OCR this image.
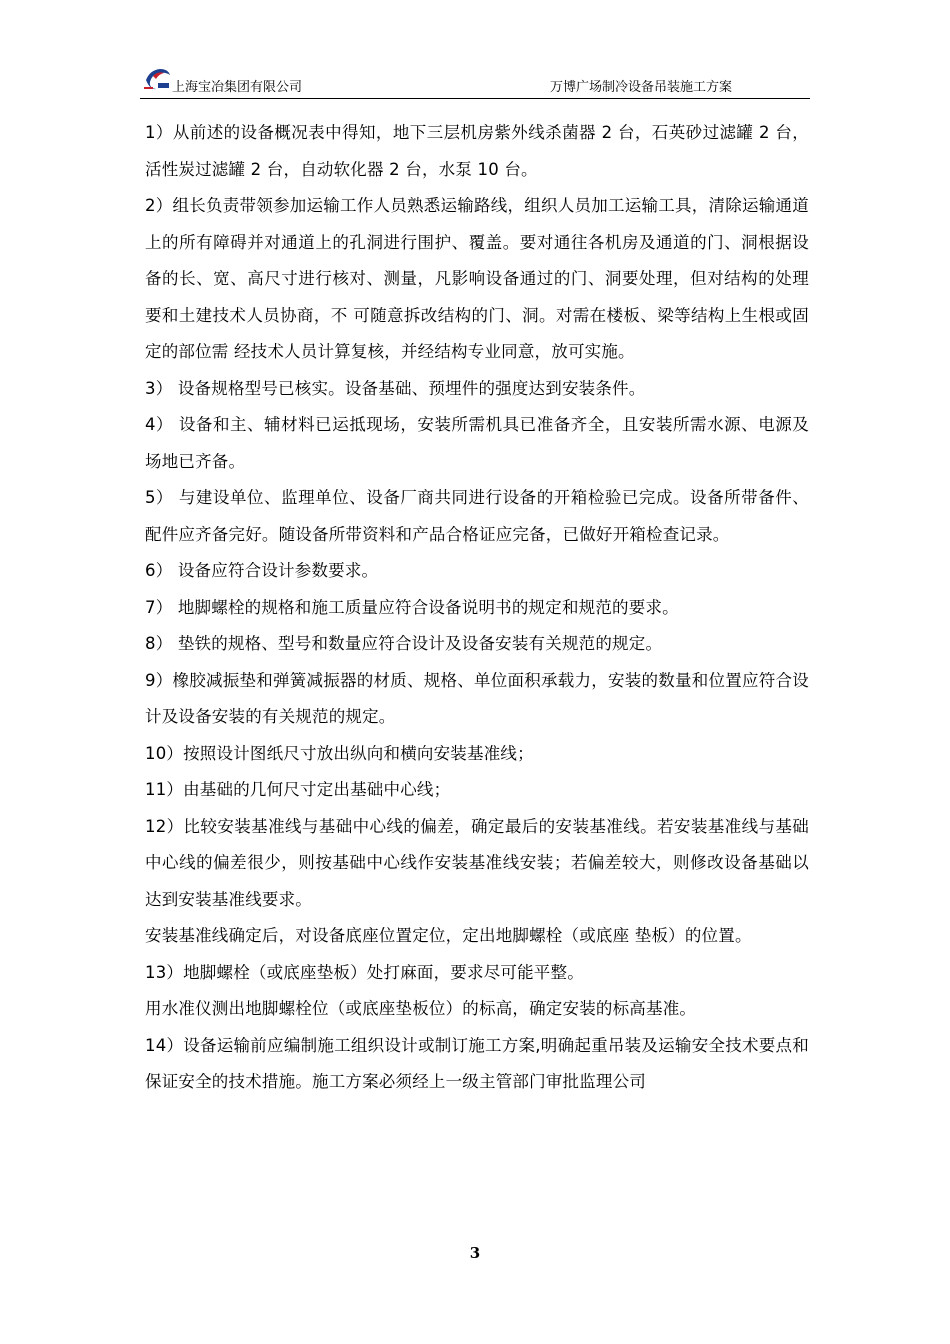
上海宝冶集团有限公司	万博广场制冷设备吊装施工方案

1）从前述的设备概况表中得知，地下三层机房紫外线杀菌器 2 台，石英砂过滤罐 2 台，活性炭过滤罐 2 台，自动软化器 2 台，水泵 10 台。

2）组长负责带领参加运输工作人员熟悉运输路线，组织人员加工运输工具，清除运输通道上的所有障碍并对通道上的孔洞进行围护、覆盖。要对通往各机房及通道的门、洞根据设备的长、宽、高尺寸进行核对、测量，凡影响设备通过的门、洞要处理，但对结构的处理要和土建技术人员协商，不 可随意拆改结构的门、洞。对需在楼板、梁等结构上生根或固定的部位需 经技术人员计算复核，并经结构专业同意，放可实施。

3） 设备规格型号已核实。设备基础、预埋件的强度达到安装条件。

4） 设备和主、辅材料已运抵现场，安装所需机具已准备齐全，且安装所需水源、电源及场地已齐备。

5） 与建设单位、监理单位、设备厂商共同进行设备的开箱检验已完成。设备所带备件、配件应齐备完好。随设备所带资料和产品合格证应完备，已做好开箱检查记录。

6） 设备应符合设计参数要求。

7） 地脚螺栓的规格和施工质量应符合设备说明书的规定和规范的要求。

8） 垫铁的规格、型号和数量应符合设计及设备安装有关规范的规定。

9）橡胶减振垫和弹簧减振器的材质、规格、单位面积承载力，安装的数量和位置应符合设计及设备安装的有关规范的规定。

10）按照设计图纸尺寸放出纵向和横向安装基准线；

11）由基础的几何尺寸定出基础中心线；

12）比较安装基准线与基础中心线的偏差，确定最后的安装基准线。若安装基准线与基础中心线的偏差很少，则按基础中心线作安装基准线安装；若偏差较大，则修改设备基础以达到安装基准线要求。

安装基准线确定后，对设备底座位置定位，定出地脚螺栓（或底座 垫板）的位置。

13）地脚螺栓（或底座垫板）处打麻面，要求尽可能平整。

用水准仪测出地脚螺栓位（或底座垫板位）的标高，确定安装的标高基准。

14）设备运输前应编制施工组织设计或制订施工方案,明确起重吊装及运输安全技术要点和保证安全的技术措施。施工方案必须经上一级主管部门审批监理公司

3
